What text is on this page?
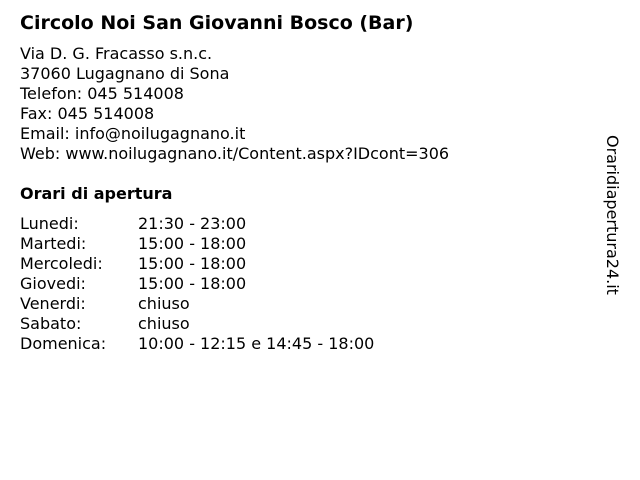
Circolo Noi San Giovanni Bosco (Bar)
Via D. G. Fracasso s.n.c.
37060 Lugagnano di Sona
Telefon: 045 514008
Fax: 045 514008
Email: info@noilugagnano.it
Web: www.noilugagnano.it/Content.aspx?IDcont=306
Orari di apertura
Lunedi:	21:30 - 23:00
Martedi:	15:00 - 18:00
Mercoledi:	15:00 - 18:00
Giovedi:	15:00 - 18:00
Venerdi:	chiuso
Sabato:	chiuso
Domenica:	10:00 - 12:15 e 14:45 - 18:00
Oraridiapertura24.it
